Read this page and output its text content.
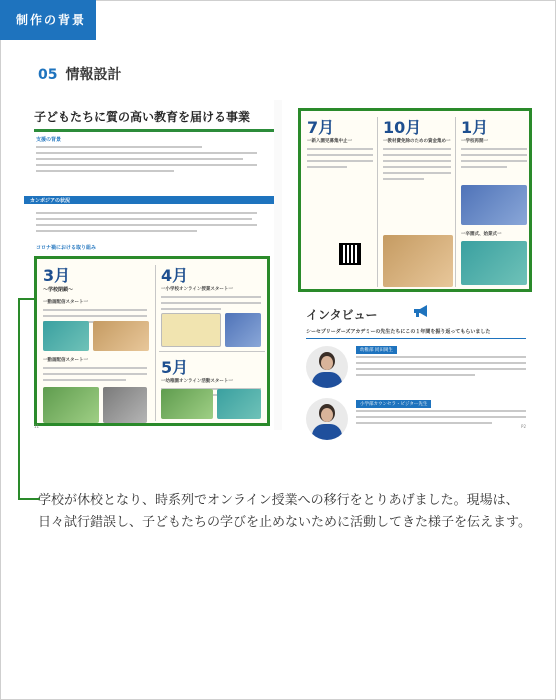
制作の背景
05 情報設計
子どもたちに質の高い教育を届ける事業
支援の背景
カンボジアの状況
コロナ禍における取り組み
3月
〜学校閉鎖〜
一動画配信スタート一
一動画配信スタート一
4月
一小学校オンライン授業スタート一
5月
一幼稚園オンライン活動スタート一
11
7月
一新入園児募集中止一
10月
一教材費免除のための資金集め一
1月
一学校再開一
一卒園式、始業式一
P2
インタビュー
シーセプリーダーズアカデミーの先生たちにこの１年間を振り返ってもらいました
幼稚部 同田岡生
小学部カウンセラ・ビジター先生
学校が休校となり、時系列でオンライン授業への移行をとりあげました。現場は、日々試行錯誤し、子どもたちの学びを止めないために活動してきた様子を伝えます。
